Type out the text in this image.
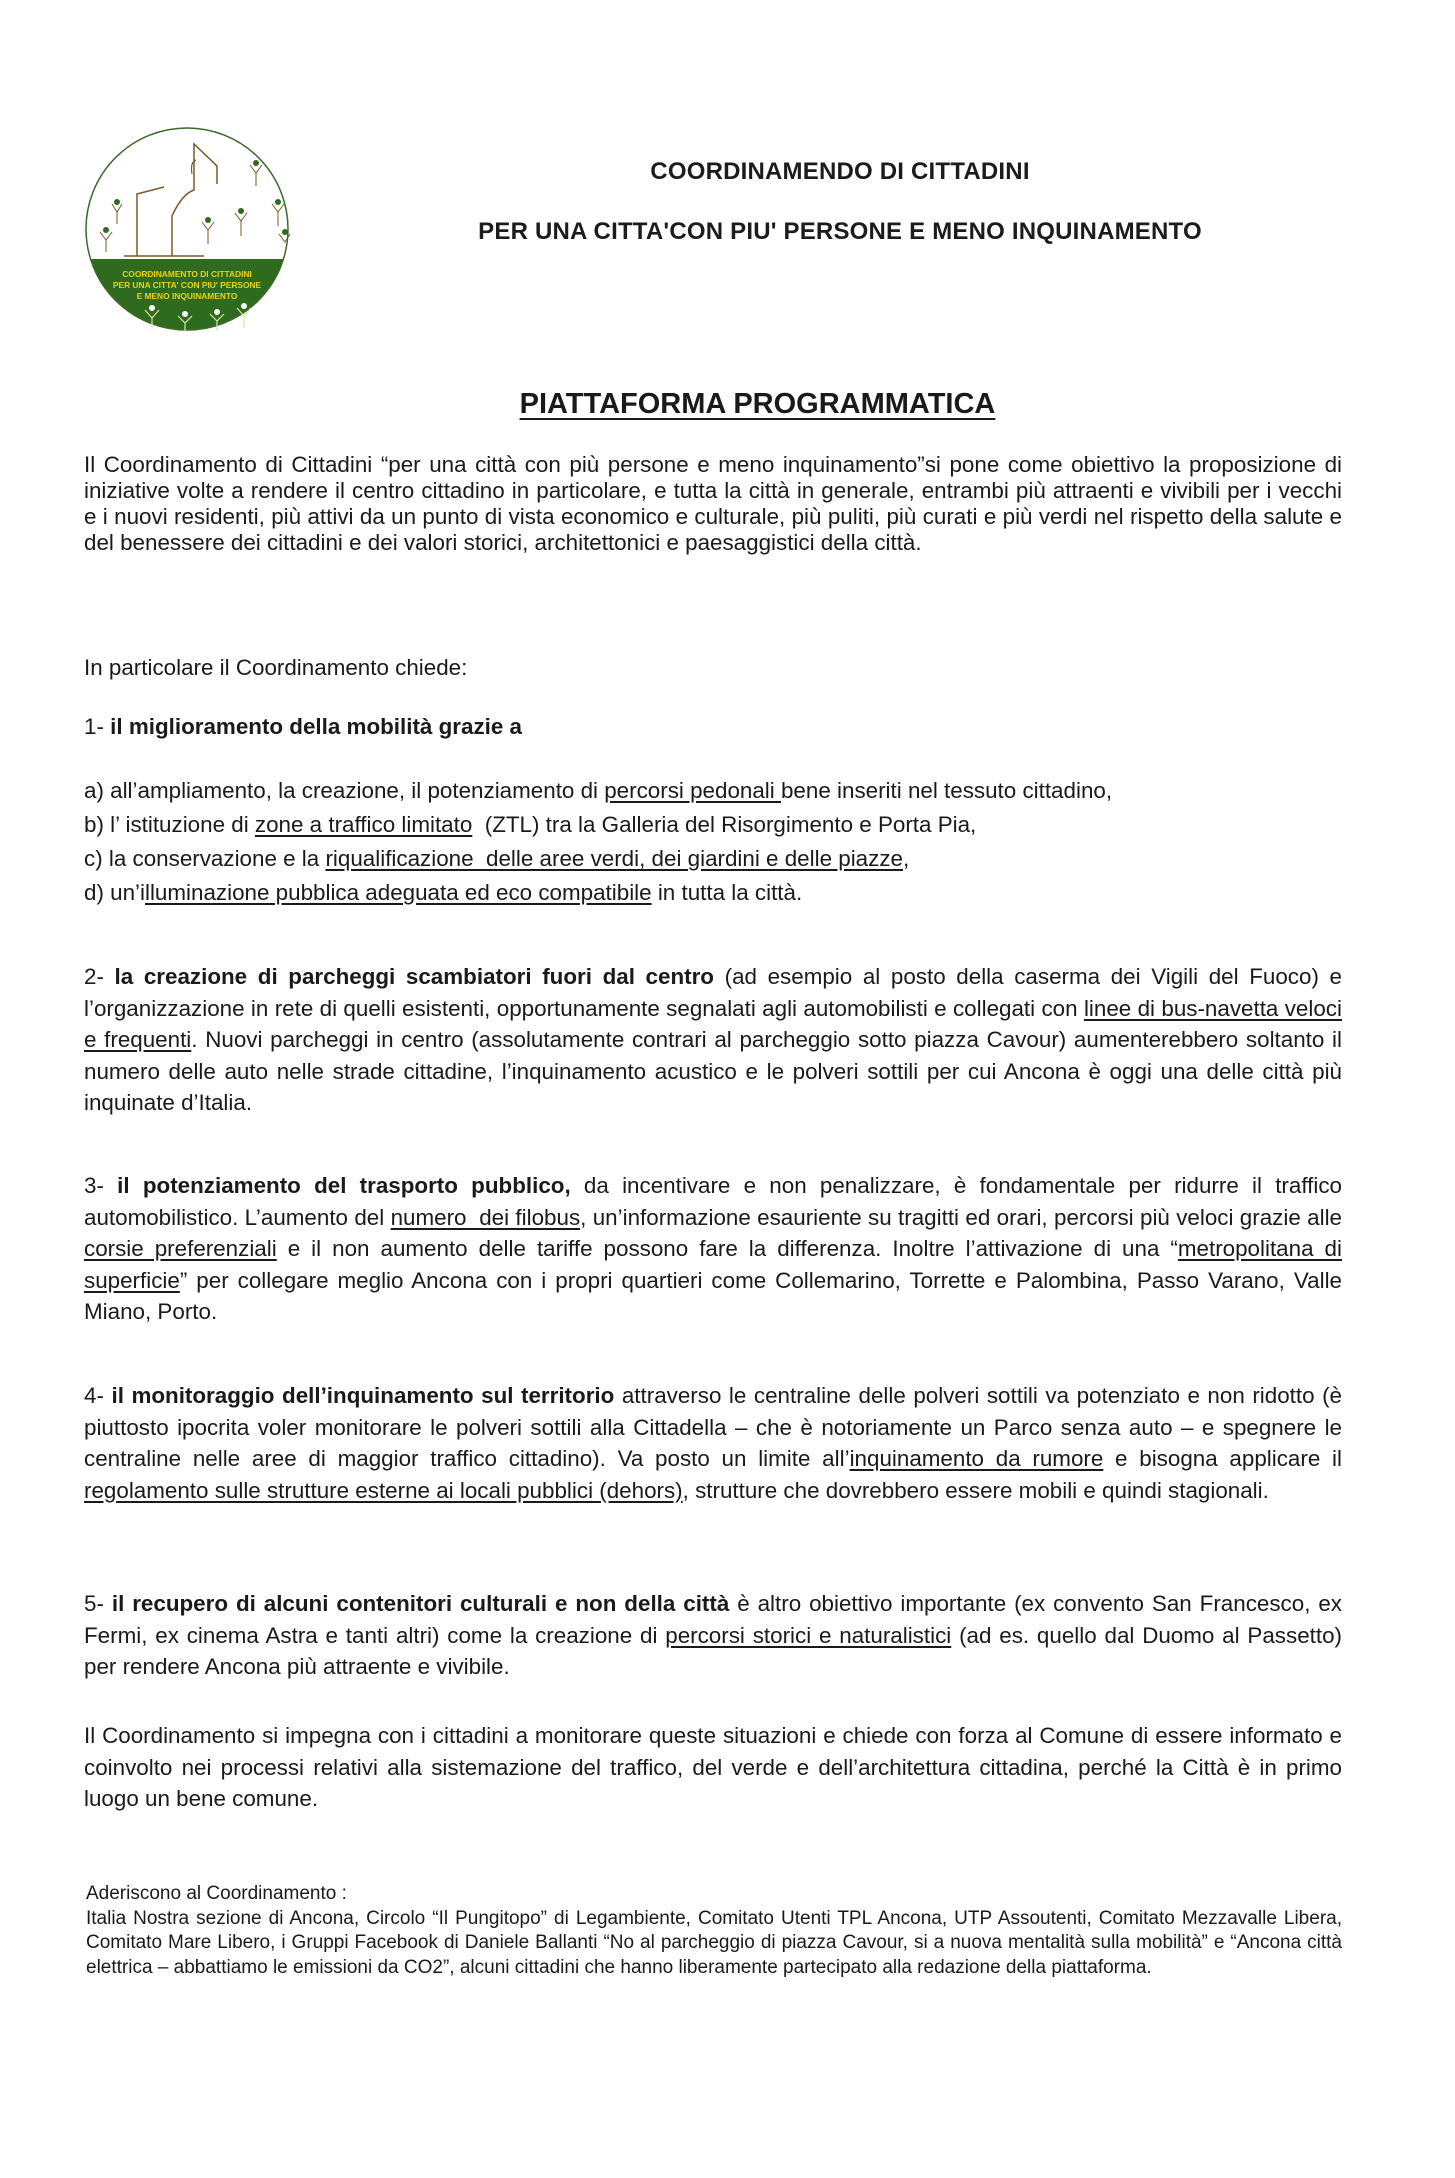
COORDINAMENTO DI CITTADINI
PER UNA CITTA' CON PIU' PERSONE
E MENO INQUINAMENTO
COORDINAMENDO DI CITTADINI
PER UNA CITTA'CON PIU' PERSONE E MENO INQUINAMENTO
PIATTAFORMA PROGRAMMATICA

Il Coordinamento di Cittadini “per una città con più persone e meno inquinamento”si pone come obiettivo la proposizione di iniziative volte a rendere il centro cittadino in particolare, e tutta la città in generale, entrambi più attraenti e vivibili per i vecchi e i nuovi residenti, più attivi da un punto di vista economico e culturale, più puliti, più curati e più verdi nel rispetto della salute e del benessere dei cittadini e dei valori storici, architettonici e paesaggistici della città.

In particolare il Coordinamento chiede:

1- il miglioramento della mobilità grazie a
a) all’ampliamento, la creazione, il potenziamento di percorsi pedonali bene inseriti nel tessuto cittadino,
b) l’ istituzione di zone a traffico limitato  (ZTL) tra la Galleria del Risorgimento e Porta Pia,
c) la conservazione e la riqualificazione  delle aree verdi, dei giardini e delle piazze,
d) un’illuminazione pubblica adeguata ed eco compatibile in tutta la città.

2- la creazione di parcheggi scambiatori fuori dal centro (ad esempio al posto della caserma dei Vigili del Fuoco) e l’organizzazione in rete di quelli esistenti, opportunamente segnalati agli automobilisti e collegati con linee di bus-navetta veloci e frequenti. Nuovi parcheggi in centro (assolutamente contrari al parcheggio sotto piazza Cavour) aumenterebbero soltanto il numero delle auto nelle strade cittadine, l’inquinamento acustico e le polveri sottili per cui Ancona è oggi una delle città più inquinate d’Italia.

3- il potenziamento del trasporto pubblico, da incentivare e non penalizzare, è fondamentale per ridurre il traffico automobilistico. L’aumento del numero  dei filobus, un’informazione esauriente su tragitti ed orari, percorsi più veloci grazie alle corsie preferenziali e il non aumento delle tariffe possono fare la differenza. Inoltre l’attivazione di una “metropolitana di superficie” per collegare meglio Ancona con i propri quartieri come Collemarino, Torrette e Palombina, Passo Varano, Valle Miano, Porto.

4- il monitoraggio dell’inquinamento sul territorio attraverso le centraline delle polveri sottili va potenziato e non ridotto (è piuttosto ipocrita voler monitorare le polveri sottili alla Cittadella – che è notoriamente un Parco senza auto – e spegnere le centraline nelle aree di maggior traffico cittadino). Va posto un limite all’inquinamento da rumore e bisogna applicare il regolamento sulle strutture esterne ai locali pubblici (dehors), strutture che dovrebbero essere mobili e quindi stagionali.

5- il recupero di alcuni contenitori culturali e non della città è altro obiettivo importante (ex convento San Francesco, ex Fermi, ex cinema Astra e tanti altri) come la creazione di percorsi storici e naturalistici (ad es. quello dal Duomo al Passetto) per rendere Ancona più attraente e vivibile.

Il Coordinamento si impegna con i cittadini a monitorare queste situazioni e chiede con forza al Comune di essere informato e coinvolto nei processi relativi alla sistemazione del traffico, del verde e dell’architettura cittadina, perché la Città è in primo luogo un bene comune.

Aderiscono al Coordinamento :
Italia Nostra sezione di Ancona, Circolo “Il Pungitopo” di Legambiente, Comitato Utenti TPL Ancona, UTP Assoutenti, Comitato Mezzavalle Libera, Comitato Mare Libero, i Gruppi Facebook di Daniele Ballanti “No al parcheggio di piazza Cavour, si a nuova mentalità sulla mobilità” e “Ancona città elettrica – abbattiamo le emissioni da CO2”, alcuni cittadini che hanno liberamente partecipato alla redazione della piattaforma.
